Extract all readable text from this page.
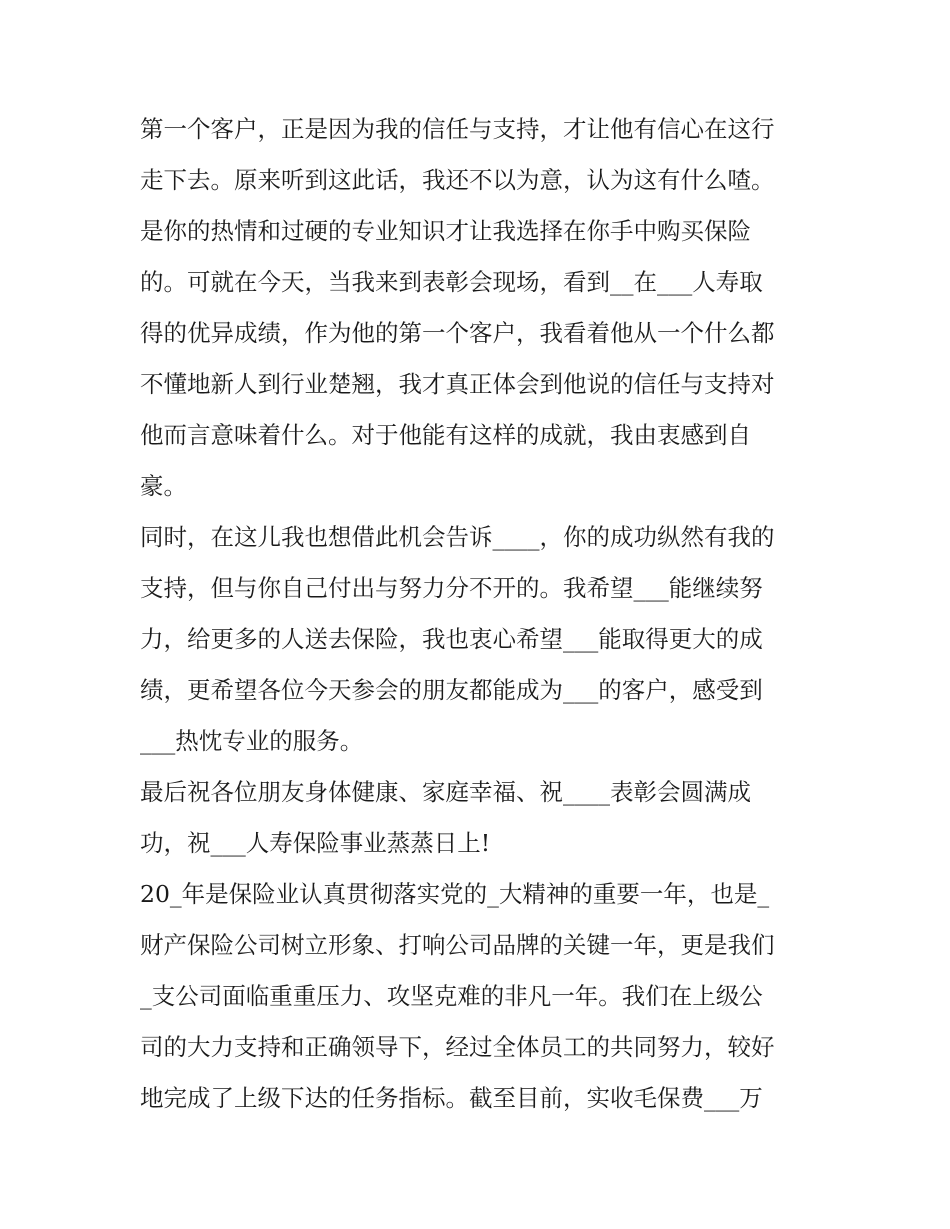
第一个客户，正是因为我的信任与支持，才让他有信心在这行
走下去。原来听到这此话，我还不以为意，认为这有什么喳。
是你的热情和过硬的专业知识才让我选择在你手中购买保险
的。可就在今天，当我来到表彰会现场，看到__在___人寿取
得的优异成绩，作为他的第一个客户，我看着他从一个什么都
不懂地新人到行业楚翘，我才真正体会到他说的信任与支持对
他而言意味着什么。对于他能有这样的成就，我由衷感到自
豪。
同时，在这儿我也想借此机会告诉____，你的成功纵然有我的
支持，但与你自己付出与努力分不开的。我希望___能继续努
力，给更多的人送去保险，我也衷心希望___能取得更大的成
绩，更希望各位今天参会的朋友都能成为___的客户，感受到
___热忱专业的服务。
最后祝各位朋友身体健康、家庭幸福、祝____表彰会圆满成
功，祝___人寿保险事业蒸蒸日上!
20_年是保险业认真贯彻落实党的_大精神的重要一年，也是_
财产保险公司树立形象、打响公司品牌的关键一年，更是我们
_支公司面临重重压力、攻坚克难的非凡一年。我们在上级公
司的大力支持和正确领导下，经过全体员工的共同努力，较好
地完成了上级下达的任务指标。截至目前，实收毛保费___万
